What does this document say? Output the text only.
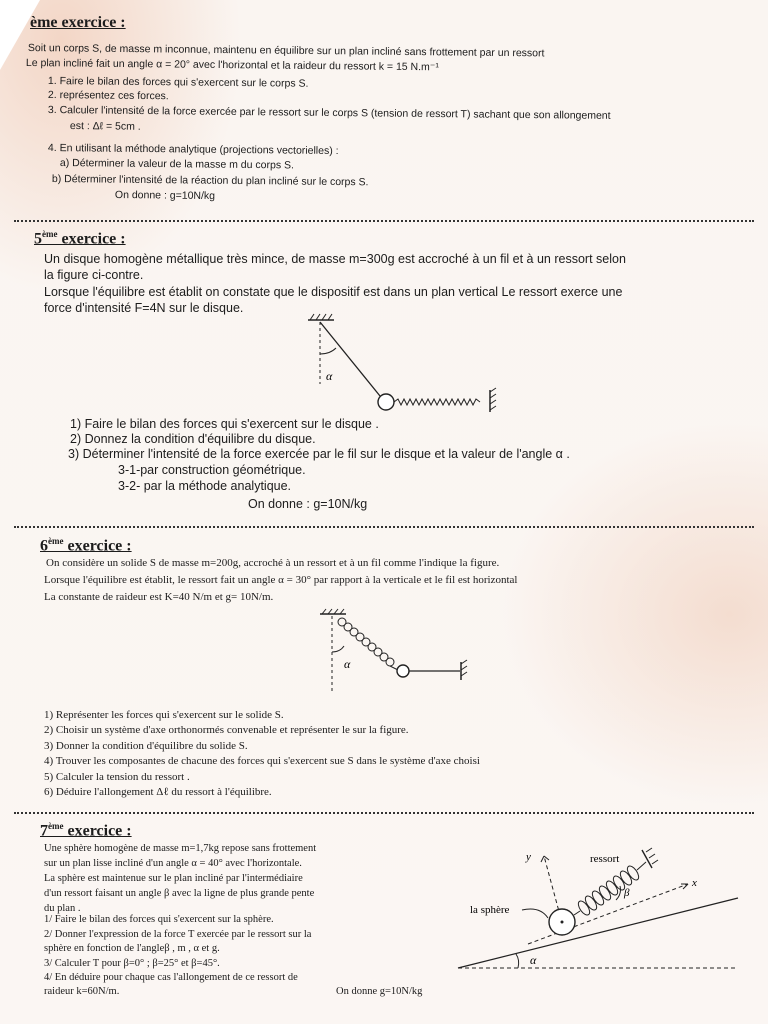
ème exercice :
Soit un corps S, de masse m inconnue, maintenu en équilibre sur un plan incliné sans frottement par un ressort
Le plan incliné fait un angle α = 20° avec l'horizontal et la raideur du ressort k = 15 N.m⁻¹
1. Faire le bilan des forces qui s'exercent sur le corps S.
2. représentez ces forces.
3. Calculer l'intensité de la force exercée par le ressort sur le corps S (tension de ressort T) sachant que son allongement
est : Δℓ = 5cm .
4. En utilisant la méthode analytique (projections vectorielles) :
a) Déterminer la valeur de la masse m du corps S.
b) Déterminer l'intensité de la réaction du plan incliné sur le corps S.
On donne : g=10N/kg
5ème exercice :
Un disque homogène métallique très mince, de masse m=300g est accroché à un fil et à un ressort selon
la figure ci-contre.
Lorsque l'équilibre est établit on constate que le dispositif est dans un plan vertical Le ressort exerce une
force d'intensité F=4N sur le disque.
α
1) Faire le bilan des forces qui s'exercent sur le disque .
2) Donnez la condition d'équilibre du disque.
3) Déterminer l'intensité de la force exercée par le fil sur le disque et la valeur de l'angle α .
3-1-par construction géométrique.
3-2- par la méthode analytique.
On donne : g=10N/kg
6ème exercice :
On considère un solide S de masse m=200g, accroché à un ressort et à un fil comme l'indique la figure.
Lorsque l'équilibre est établit, le ressort fait un angle α = 30° par rapport à la verticale et le fil est horizontal
La constante de raideur est K=40 N/m et g= 10N/m.
α
1) Représenter les forces qui s'exercent sur le solide S.
2) Choisir un système d'axe orthonormés convenable et représenter le sur la figure.
3) Donner la condition d'équilibre du solide S.
4) Trouver les composantes de chacune des forces qui s'exercent sue S dans le système d'axe choisi
5) Calculer la tension du ressort .
6) Déduire l'allongement Δℓ du ressort à l'équilibre.
7ème exercice :
Une sphère homogène de masse m=1,7kg repose sans frottement
sur un plan lisse incliné d'un angle α = 40° avec l'horizontale.
La sphère est maintenue sur le plan incliné par l'intermédiaire
d'un ressort faisant un angle β avec la ligne de plus grande pente
du plan .
1/ Faire le bilan des forces qui s'exercent sur la sphère.
2/ Donner l'expression de la force T exercée par le ressort sur la
sphère en fonction de l'angleβ , m , α et g.
3/ Calculer T pour β=0° ; β=25° et β=45°.
4/ En déduire pour chaque cas l'allongement de ce ressort de
raideur k=60N/m.	On donne g=10N/kg
x
y	ressort
β
la sphère
α
